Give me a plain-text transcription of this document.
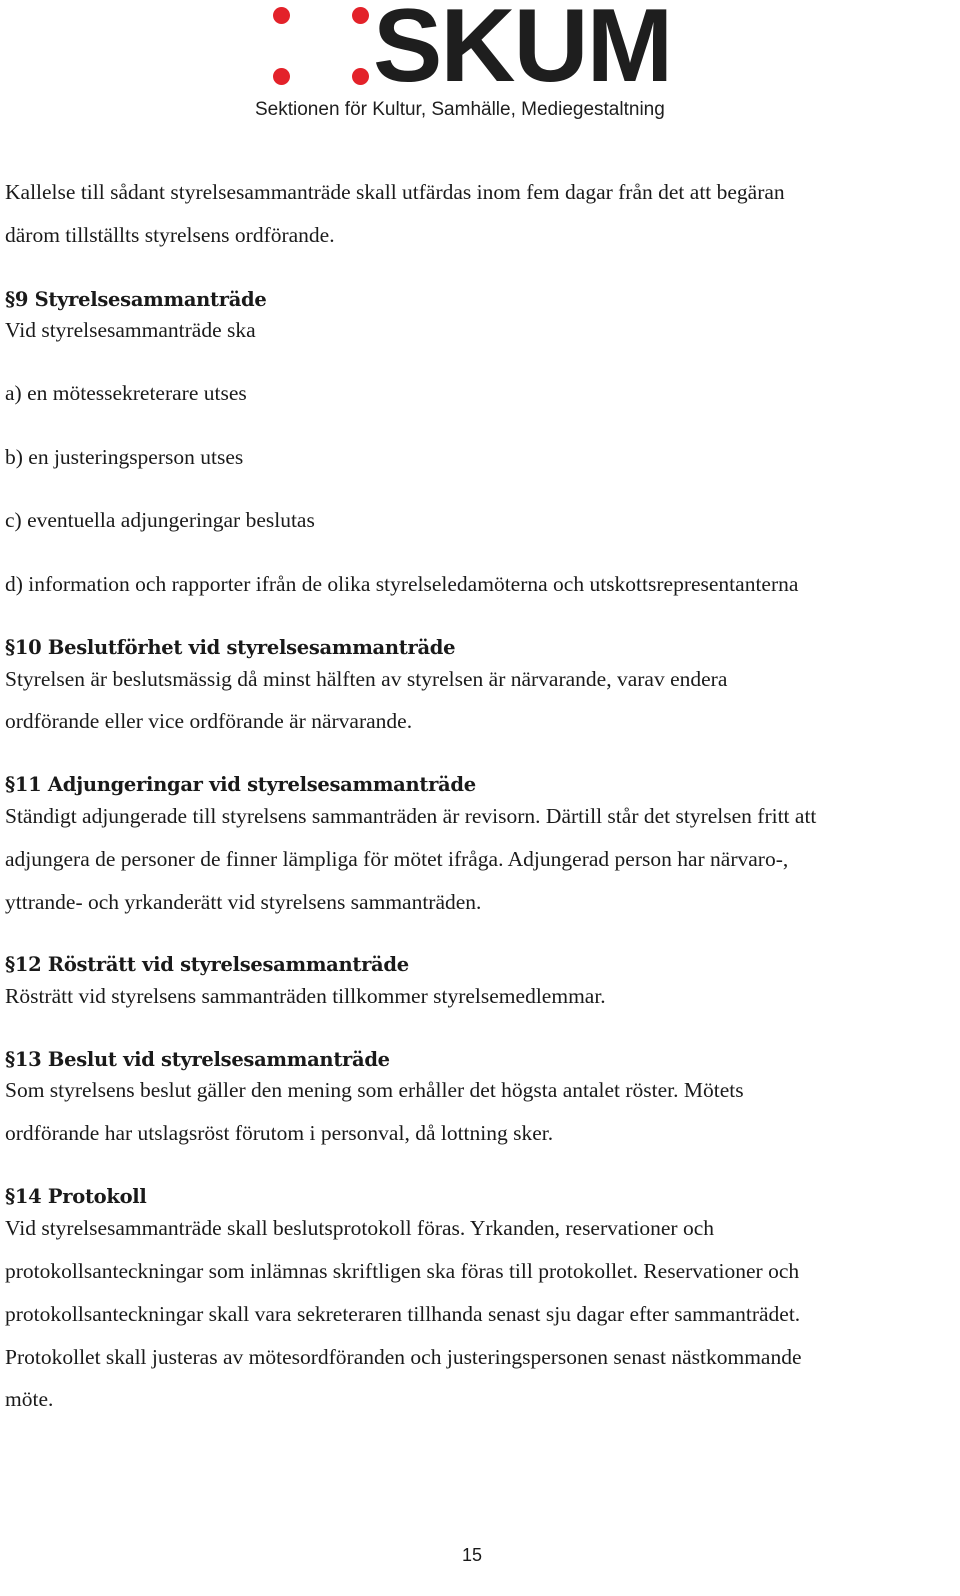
SKUM
Sektionen för Kultur, Samhälle, Mediegestaltning
Kallelse till sådant styrelsesammanträde skall utfärdas inom fem dagar från det att begäran
därom tillställts styrelsens ordförande.
§9 Styrelsesammanträde
Vid styrelsesammanträde ska
a) en mötessekreterare utses
b) en justeringsperson utses
c) eventuella adjungeringar beslutas
d) information och rapporter ifrån de olika styrelseledamöterna och utskottsrepresentanterna
§10 Beslutförhet vid styrelsesammanträde
Styrelsen är beslutsmässig då minst hälften av styrelsen är närvarande, varav endera
ordförande eller vice ordförande är närvarande.
§11 Adjungeringar vid styrelsesammanträde
Ständigt adjungerade till styrelsens sammanträden är revisorn. Därtill står det styrelsen fritt att
adjungera de personer de finner lämpliga för mötet ifråga. Adjungerad person har närvaro-,
yttrande- och yrkanderätt vid styrelsens sammanträden.
§12 Rösträtt vid styrelsesammanträde
Rösträtt vid styrelsens sammanträden tillkommer styrelsemedlemmar.
§13 Beslut vid styrelsesammanträde
Som styrelsens beslut gäller den mening som erhåller det högsta antalet röster. Mötets
ordförande har utslagsröst förutom i personval, då lottning sker.
§14 Protokoll
Vid styrelsesammanträde skall beslutsprotokoll föras. Yrkanden, reservationer och
protokollsanteckningar som inlämnas skriftligen ska föras till protokollet. Reservationer och
protokollsanteckningar skall vara sekreteraren tillhanda senast sju dagar efter sammanträdet.
Protokollet skall justeras av mötesordföranden och justeringspersonen senast nästkommande
möte.
15
